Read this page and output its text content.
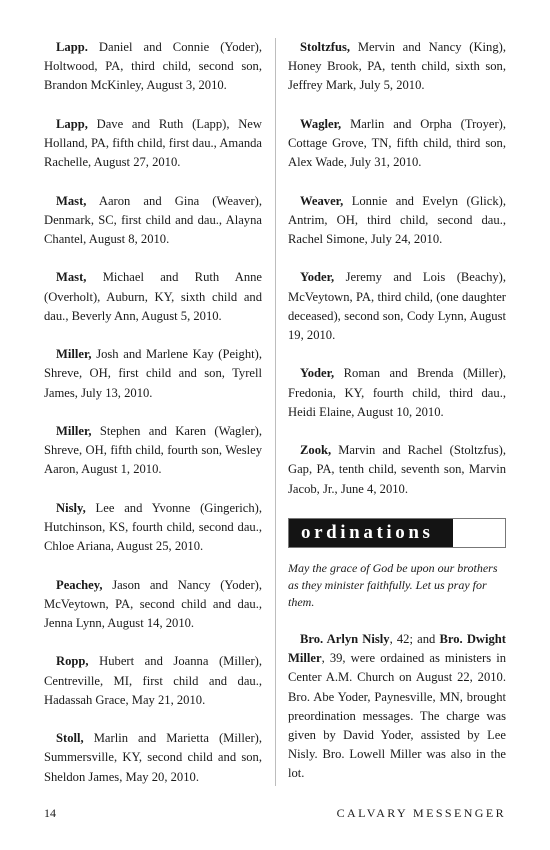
Lapp. Daniel and Connie (Yoder), Holtwood, PA, third child, second son, Brandon McKinley, August 3, 2010.

Lapp, Dave and Ruth (Lapp), New Holland, PA, fifth child, first dau., Amanda Rachelle, August 27, 2010.

Mast, Aaron and Gina (Weaver), Denmark, SC, first child and dau., Alayna Chantel, August 8, 2010.

Mast, Michael and Ruth Anne (Overholt), Auburn, KY, sixth child and dau., Beverly Ann, August 5, 2010.

Miller, Josh and Marlene Kay (Peight), Shreve, OH, first child and son, Tyrell James, July 13, 2010.

Miller, Stephen and Karen (Wagler), Shreve, OH, fifth child, fourth son, Wesley Aaron, August 1, 2010.

Nisly, Lee and Yvonne (Gingerich), Hutchinson, KS, fourth child, second dau., Chloe Ariana, August 25, 2010.

Peachey, Jason and Nancy (Yoder), McVeytown, PA, second child and dau., Jenna Lynn, August 14, 2010.

Ropp, Hubert and Joanna (Miller), Centreville, MI, first child and dau., Hadassah Grace, May 21, 2010.

Stoll, Marlin and Marietta (Miller), Summersville, KY, second child and son, Sheldon James, May 20, 2010.

Stoltzfus, Mervin and Nancy (King), Honey Brook, PA, tenth child, sixth son, Jeffrey Mark, July 5, 2010.

Wagler, Marlin and Orpha (Troyer), Cottage Grove, TN, fifth child, third son, Alex Wade, July 31, 2010.

Weaver, Lonnie and Evelyn (Glick), Antrim, OH, third child, second dau., Rachel Simone, July 24, 2010.

Yoder, Jeremy and Lois (Beachy), McVeytown, PA, third child, (one daughter deceased), second son, Cody Lynn, August 19, 2010.

Yoder, Roman and Brenda (Miller), Fredonia, KY, fourth child, third dau., Heidi Elaine, August 10, 2010.

Zook, Marvin and Rachel (Stoltzfus), Gap, PA, tenth child, seventh son, Marvin Jacob, Jr., June 4, 2010.

ordinations

May the grace of God be upon our brothers as they minister faithfully. Let us pray for them.

Bro. Arlyn Nisly, 42; and Bro. Dwight Miller, 39, were ordained as ministers in Center A.M. Church on August 22, 2010. Bro. Abe Yoder, Paynesville, MN, brought preordination messages. The charge was given by David Yoder, assisted by Lee Nisly. Bro. Lowell Miller was also in the lot.

14	CALVARY MESSENGER
